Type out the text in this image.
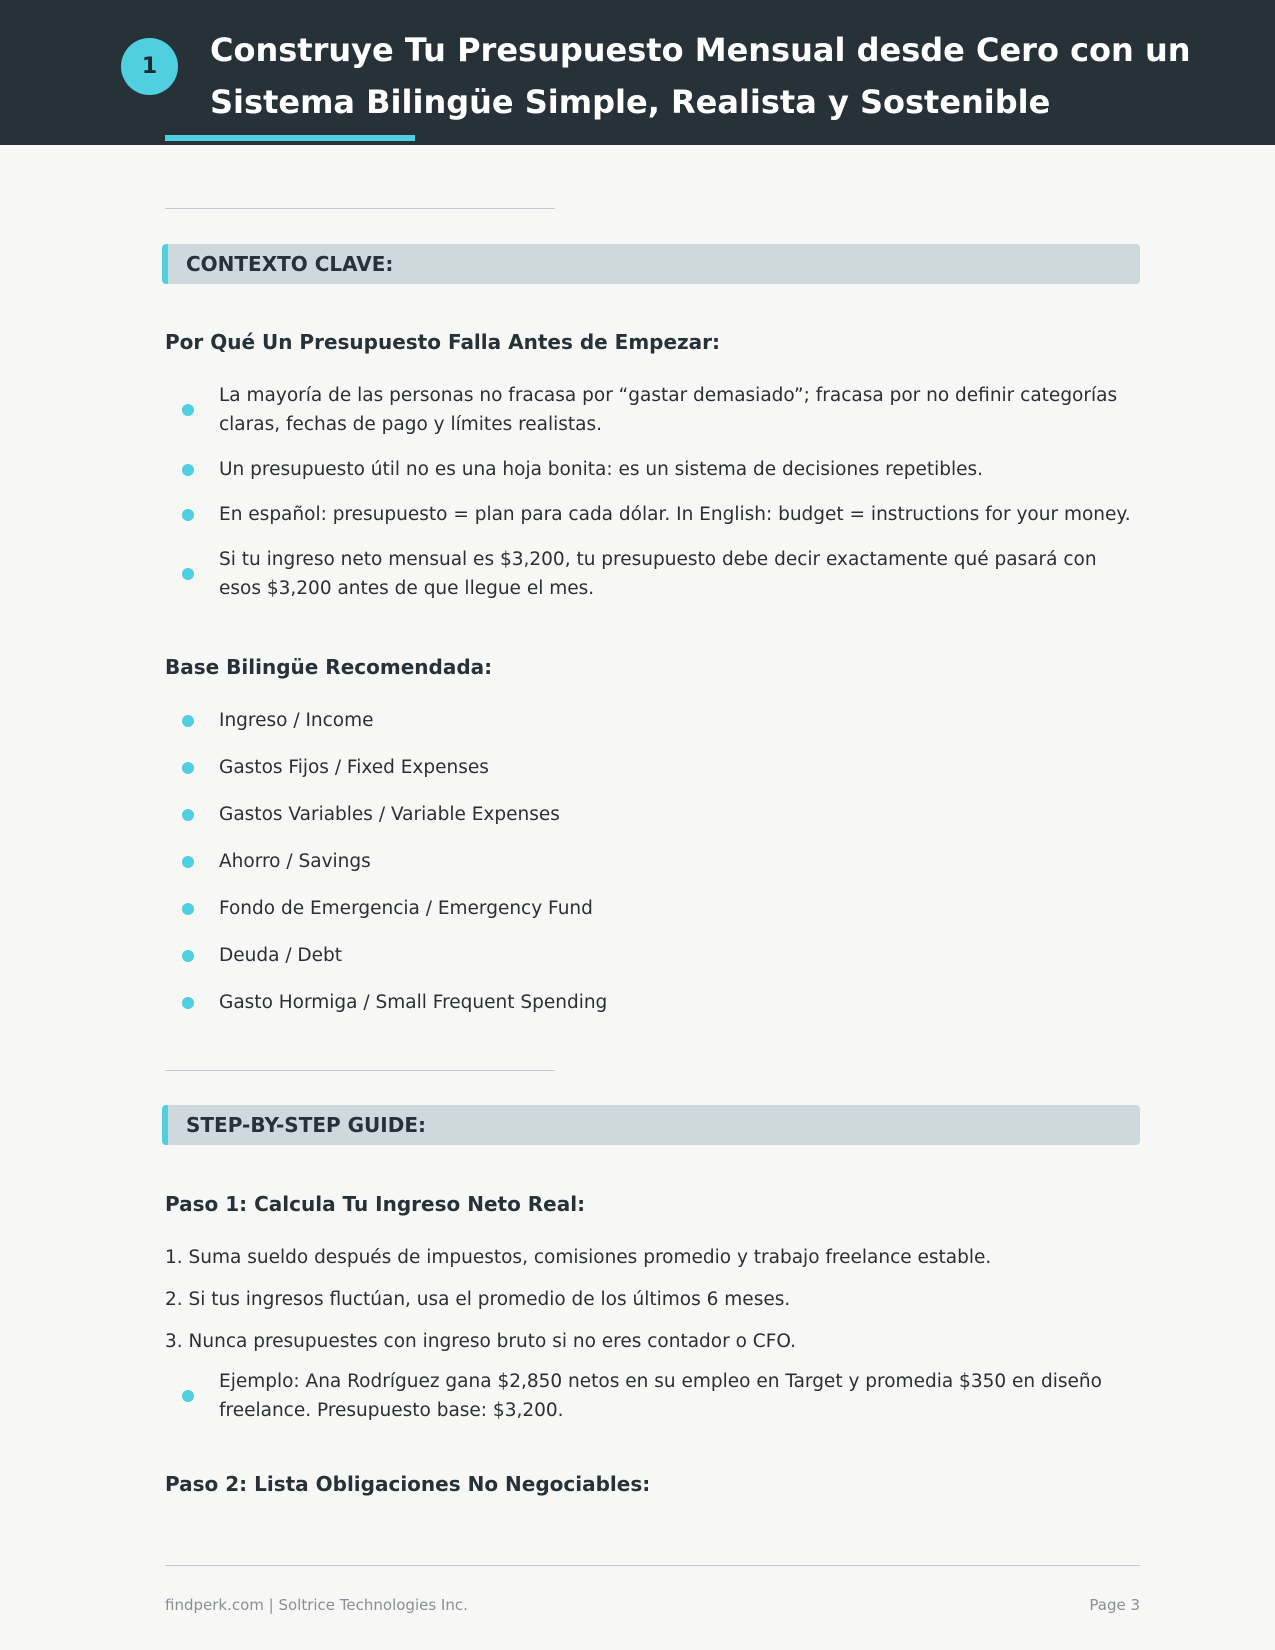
1	Construye Tu Presupuesto Mensual desde Cero con un Sistema Bilingüe Simple, Realista y Sostenible
CONTEXTO CLAVE:
Por Qué Un Presupuesto Falla Antes de Empezar:
La mayoría de las personas no fracasa por “gastar demasiado”; fracasa por no definir categorías claras, fechas de pago y límites realistas.
Un presupuesto útil no es una hoja bonita: es un sistema de decisiones repetibles.
En español: presupuesto = plan para cada dólar. In English: budget = instructions for your money.
Si tu ingreso neto mensual es $3,200, tu presupuesto debe decir exactamente qué pasará con esos $3,200 antes de que llegue el mes.
Base Bilingüe Recomendada:
Ingreso / Income
Gastos Fijos / Fixed Expenses
Gastos Variables / Variable Expenses
Ahorro / Savings
Fondo de Emergencia / Emergency Fund
Deuda / Debt
Gasto Hormiga / Small Frequent Spending
STEP-BY-STEP GUIDE:
Paso 1: Calcula Tu Ingreso Neto Real:
1. Suma sueldo después de impuestos, comisiones promedio y trabajo freelance estable.
2. Si tus ingresos fluctúan, usa el promedio de los últimos 6 meses.
3. Nunca presupuestes con ingreso bruto si no eres contador o CFO.
Ejemplo: Ana Rodríguez gana $2,850 netos en su empleo en Target y promedia $350 en diseño freelance. Presupuesto base: $3,200.
Paso 2: Lista Obligaciones No Negociables:
findperk.com | Soltrice Technologies Inc.	Page 3
